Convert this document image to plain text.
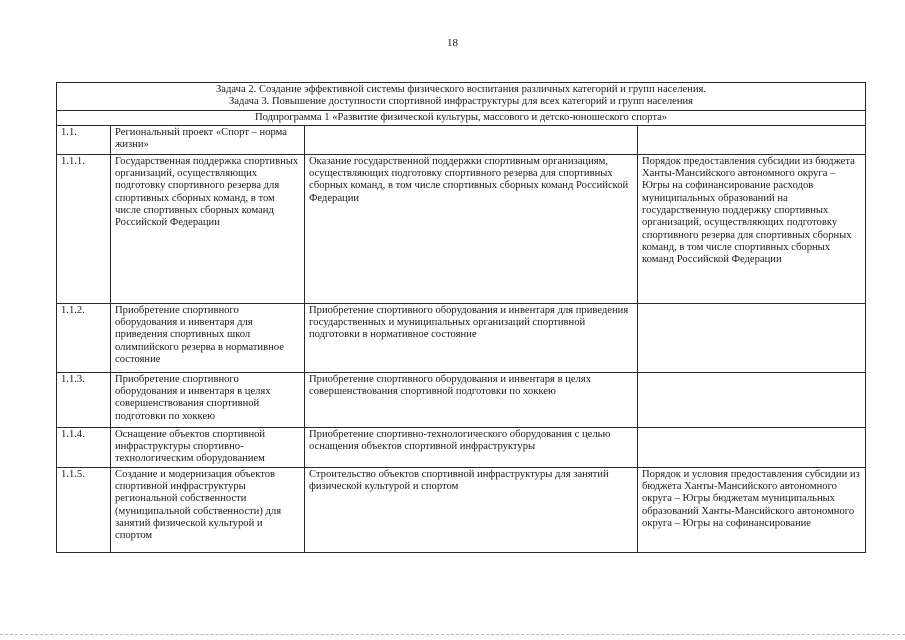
18
Задача 2. Создание эффективной системы физического воспитания различных категорий и групп населения.
Задача 3. Повышение доступности спортивной инфраструктуры для всех категорий и групп населения			

Подпрограмма 1 «Развитие физической культуры, массового и детско-юношеского спорта»			

1.1.	Региональный проект «Спорт – норма жизни»		
1.1.1.	Государственная поддержка спортивных организаций, осуществляющих подготовку спортивного резерва для спортивных сборных команд, в том числе спортивных сборных команд Российской Федерации	Оказание государственной поддержки спортивным организациям, осуществляющих подготовку спортивного резерва для спортивных сборных команд, в том числе спортивных сборных команд Российской Федерации	Порядок предоставления субсидии из бюджета Ханты-Мансийского автономного округа – Югры на софинансирование расходов муниципальных образований на государственную поддержку спортивных организаций, осуществляющих подготовку спортивного резерва для спортивных сборных команд, в том числе спортивных сборных команд Российской Федерации
1.1.2.	Приобретение спортивного оборудования и инвентаря для приведения спортивных школ олимпийского резерва в нормативное состояние	Приобретение спортивного оборудования и инвентаря для приведения государственных и муниципальных организаций спортивной подготовки в нормативное состояние	
1.1.3.	Приобретение спортивного оборудования и инвентаря в целях совершенствования спортивной подготовки по хоккею	Приобретение спортивного оборудования и инвентаря в целях совершенствования спортивной подготовки по хоккею	
1.1.4.	Оснащение объектов спортивной инфраструктуры спортивно-технологическим оборудованием	Приобретение спортивно-технологического оборудования с целью оснащения объектов спортивной инфраструктуры	
1.1.5.	Создание и модернизация объектов спортивной инфраструктуры региональной собственности (муниципальной собственности) для занятий физической культурой и спортом	Строительство объектов спортивной инфраструктуры для занятий физической культурой и спортом	Порядок и условия предоставления субсидии из бюджета Ханты-Мансийского автономного округа – Югры бюджетам муниципальных образований Ханты-Мансийского автономного округа – Югры на софинансирование
